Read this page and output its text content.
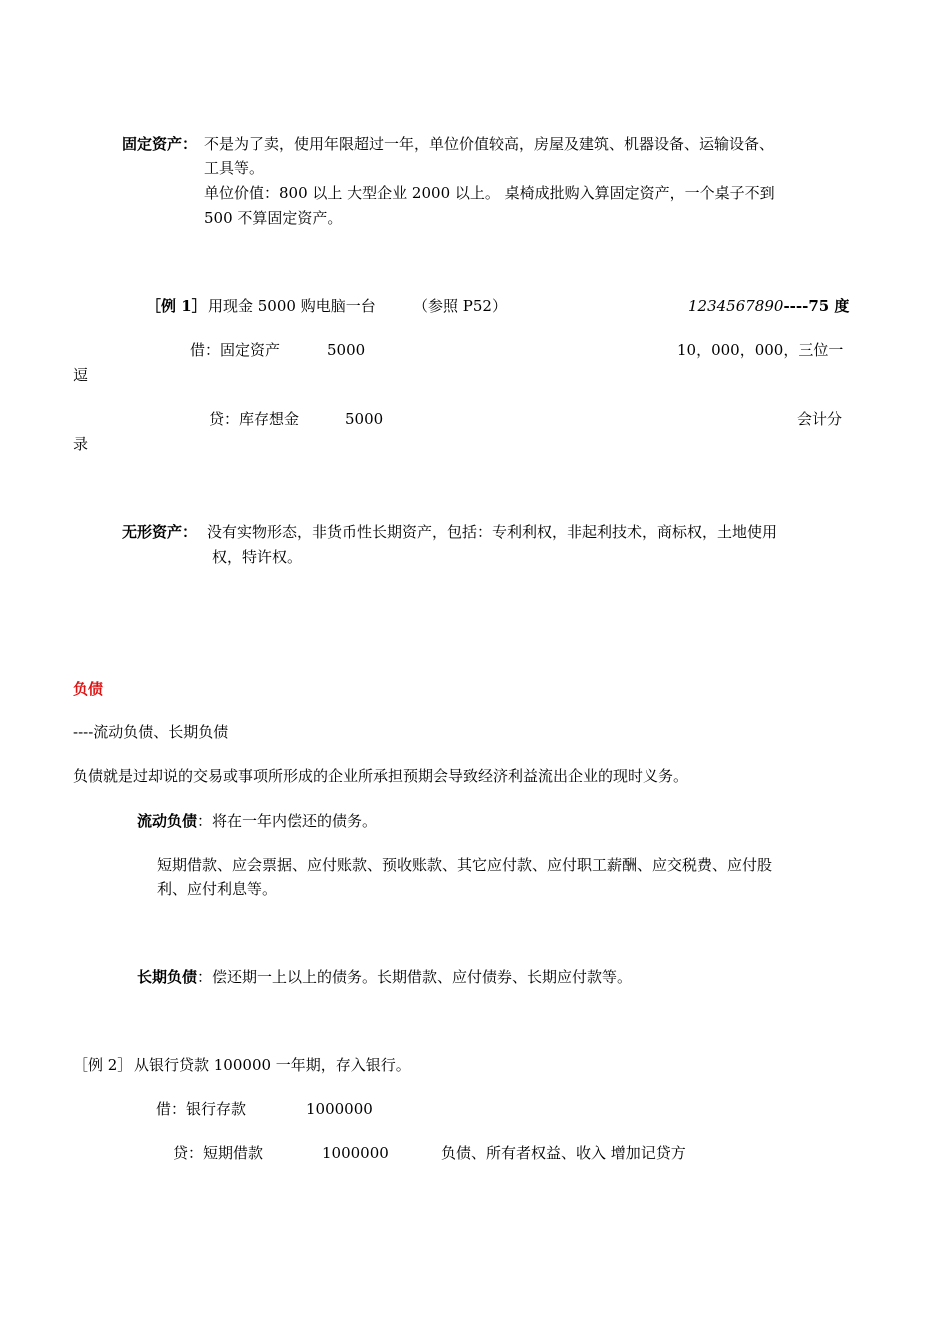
固定资产： 不是为了卖，使用年限超过一年，单位价值较高，房屋及建筑、机器设备、运输设备、
工具等。
单位价值：800 以上 大型企业 2000 以上。 桌椅成批购入算固定资产，一个桌子不到
500 不算固定资产。
［例 1］ 用现金 5000 购电脑一台 （参照 P52）	1234567890----75 度
借：固定资产	5000	10，000，000，三位一
逗
贷：库存想金	5000	会计分
录
无形资产： 没有实物形态，非货币性长期资产，包括：专利利权，非起利技术，商标权，土地使用
权，特许权。
负债
----流动负债、长期负债
负债就是过却说的交易或事项所形成的企业所承担预期会导致经济利益流出企业的现时义务。
流动负债：将在一年内偿还的债务。
短期借款、应会票据、应付账款、预收账款、其它应付款、应付职工薪酬、应交税费、应付股
利、应付利息等。
长期负债：偿还期一上以上的债务。长期借款、应付债券、长期应付款等。
［例 2］ 从银行贷款 100000 一年期，存入银行。
借：银行存款	1000000
贷：短期借款	1000000	负债、所有者权益、收入 增加记贷方
